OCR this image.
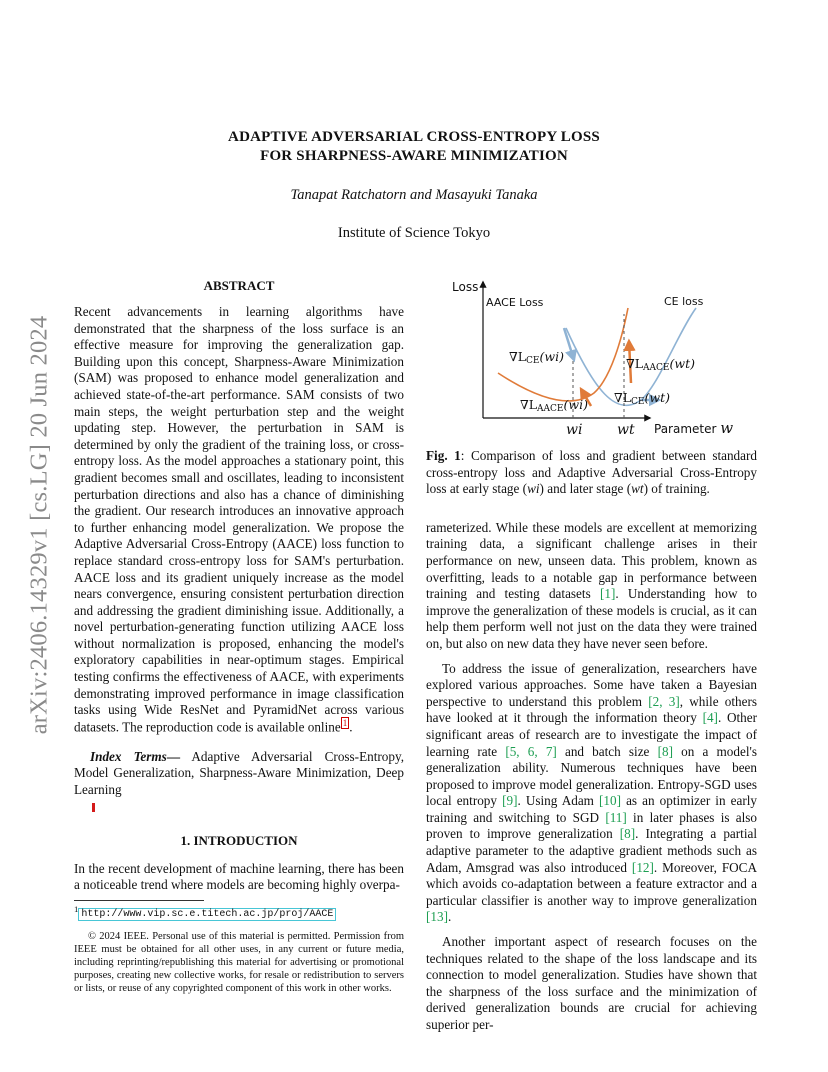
arXiv:2406.14329v1 [cs.LG] 20 Jun 2024
ADAPTIVE ADVERSARIAL CROSS-ENTROPY LOSS
FOR SHARPNESS-AWARE MINIMIZATION
Tanapat Ratchatorn and Masayuki Tanaka
Institute of Science Tokyo
ABSTRACT

Recent advancements in learning algorithms have demonstrated that the sharpness of the loss surface is an effective measure for improving the generalization gap. Building upon this concept, Sharpness-Aware Minimization (SAM) was proposed to enhance model generalization and achieved state-of-the-art performance. SAM consists of two main steps, the weight perturbation step and the weight updating step. However, the perturbation in SAM is determined by only the gradient of the training loss, or cross-entropy loss. As the model approaches a stationary point, this gradient becomes small and oscillates, leading to inconsistent perturbation directions and also has a chance of diminishing the gradient. Our research introduces an innovative approach to further enhancing model generalization. We propose the Adaptive Adversarial Cross-Entropy (AACE) loss function to replace standard cross-entropy loss for SAM's perturbation. AACE loss and its gradient uniquely increase as the model nears convergence, ensuring consistent perturbation direction and addressing the gradient diminishing issue. Additionally, a novel perturbation-generating function utilizing AACE loss without normalization is proposed, enhancing the model's exploratory capabilities in near-optimum stages. Empirical testing confirms the effectiveness of AACE, with experiments demonstrating improved performance in image classification tasks using Wide ResNet and PyramidNet across various datasets. The reproduction code is available online $^1$ .

Index Terms— Adaptive Adversarial Cross-Entropy, Model Generalization, Sharpness-Aware Minimization, Deep Learning

1. INTRODUCTION

In the recent development of machine learning, there has been a noticeable trend where models are becoming highly overpa-

$^1$http://www.vip.sc.e.titech.ac.jp/proj/AACE
© 2024 IEEE. Personal use of this material is permitted. Permission from IEEE must be obtained for all other uses, in any current or future media, including reprinting/republishing this material for advertising or promotional purposes, creating new collective works, for resale or redistribution to servers or lists, or reuse of any copyrighted component of this work in other works.
Loss
AACE Loss	CE loss
∇LCE(wi)	∇LAACE(wt)
∇LAACE(wi) ∇LCE(wt)
wi wt Parameter w

Fig. 1: Comparison of loss and gradient between standard cross-entropy loss and Adaptive Adversarial Cross-Entropy loss at early stage (wi) and later stage (wt) of training.

rameterized. While these models are excellent at memorizing training data, a significant challenge arises in their performance on new, unseen data. This problem, known as overfitting, leads to a notable gap in performance between training and testing datasets [1]. Understanding how to improve the generalization of these models is crucial, as it can help them perform well not just on the data they were trained on, but also on new data they have never seen before.

To address the issue of generalization, researchers have explored various approaches. Some have taken a Bayesian perspective to understand this problem [2, 3], while others have looked at it through the information theory [4]. Other significant areas of research are to investigate the impact of learning rate [5, 6, 7] and batch size [8] on a model's generalization ability. Numerous techniques have been proposed to improve model generalization. Entropy-SGD uses local entropy [9]. Using Adam [10] as an optimizer in early training and switching to SGD [11] in later phases is also proven to improve generalization [8]. Integrating a partial adaptive parameter to the adaptive gradient methods such as Adam, Amsgrad was also introduced [12]. Moreover, FOCA which avoids co-adaptation between a feature extractor and a particular classifier is another way to improve generalization [13].

Another important aspect of research focuses on the techniques related to the shape of the loss landscape and its connection to model generalization. Studies have shown that the sharpness of the loss surface and the minimization of derived generalization bounds are crucial for achieving superior per-
